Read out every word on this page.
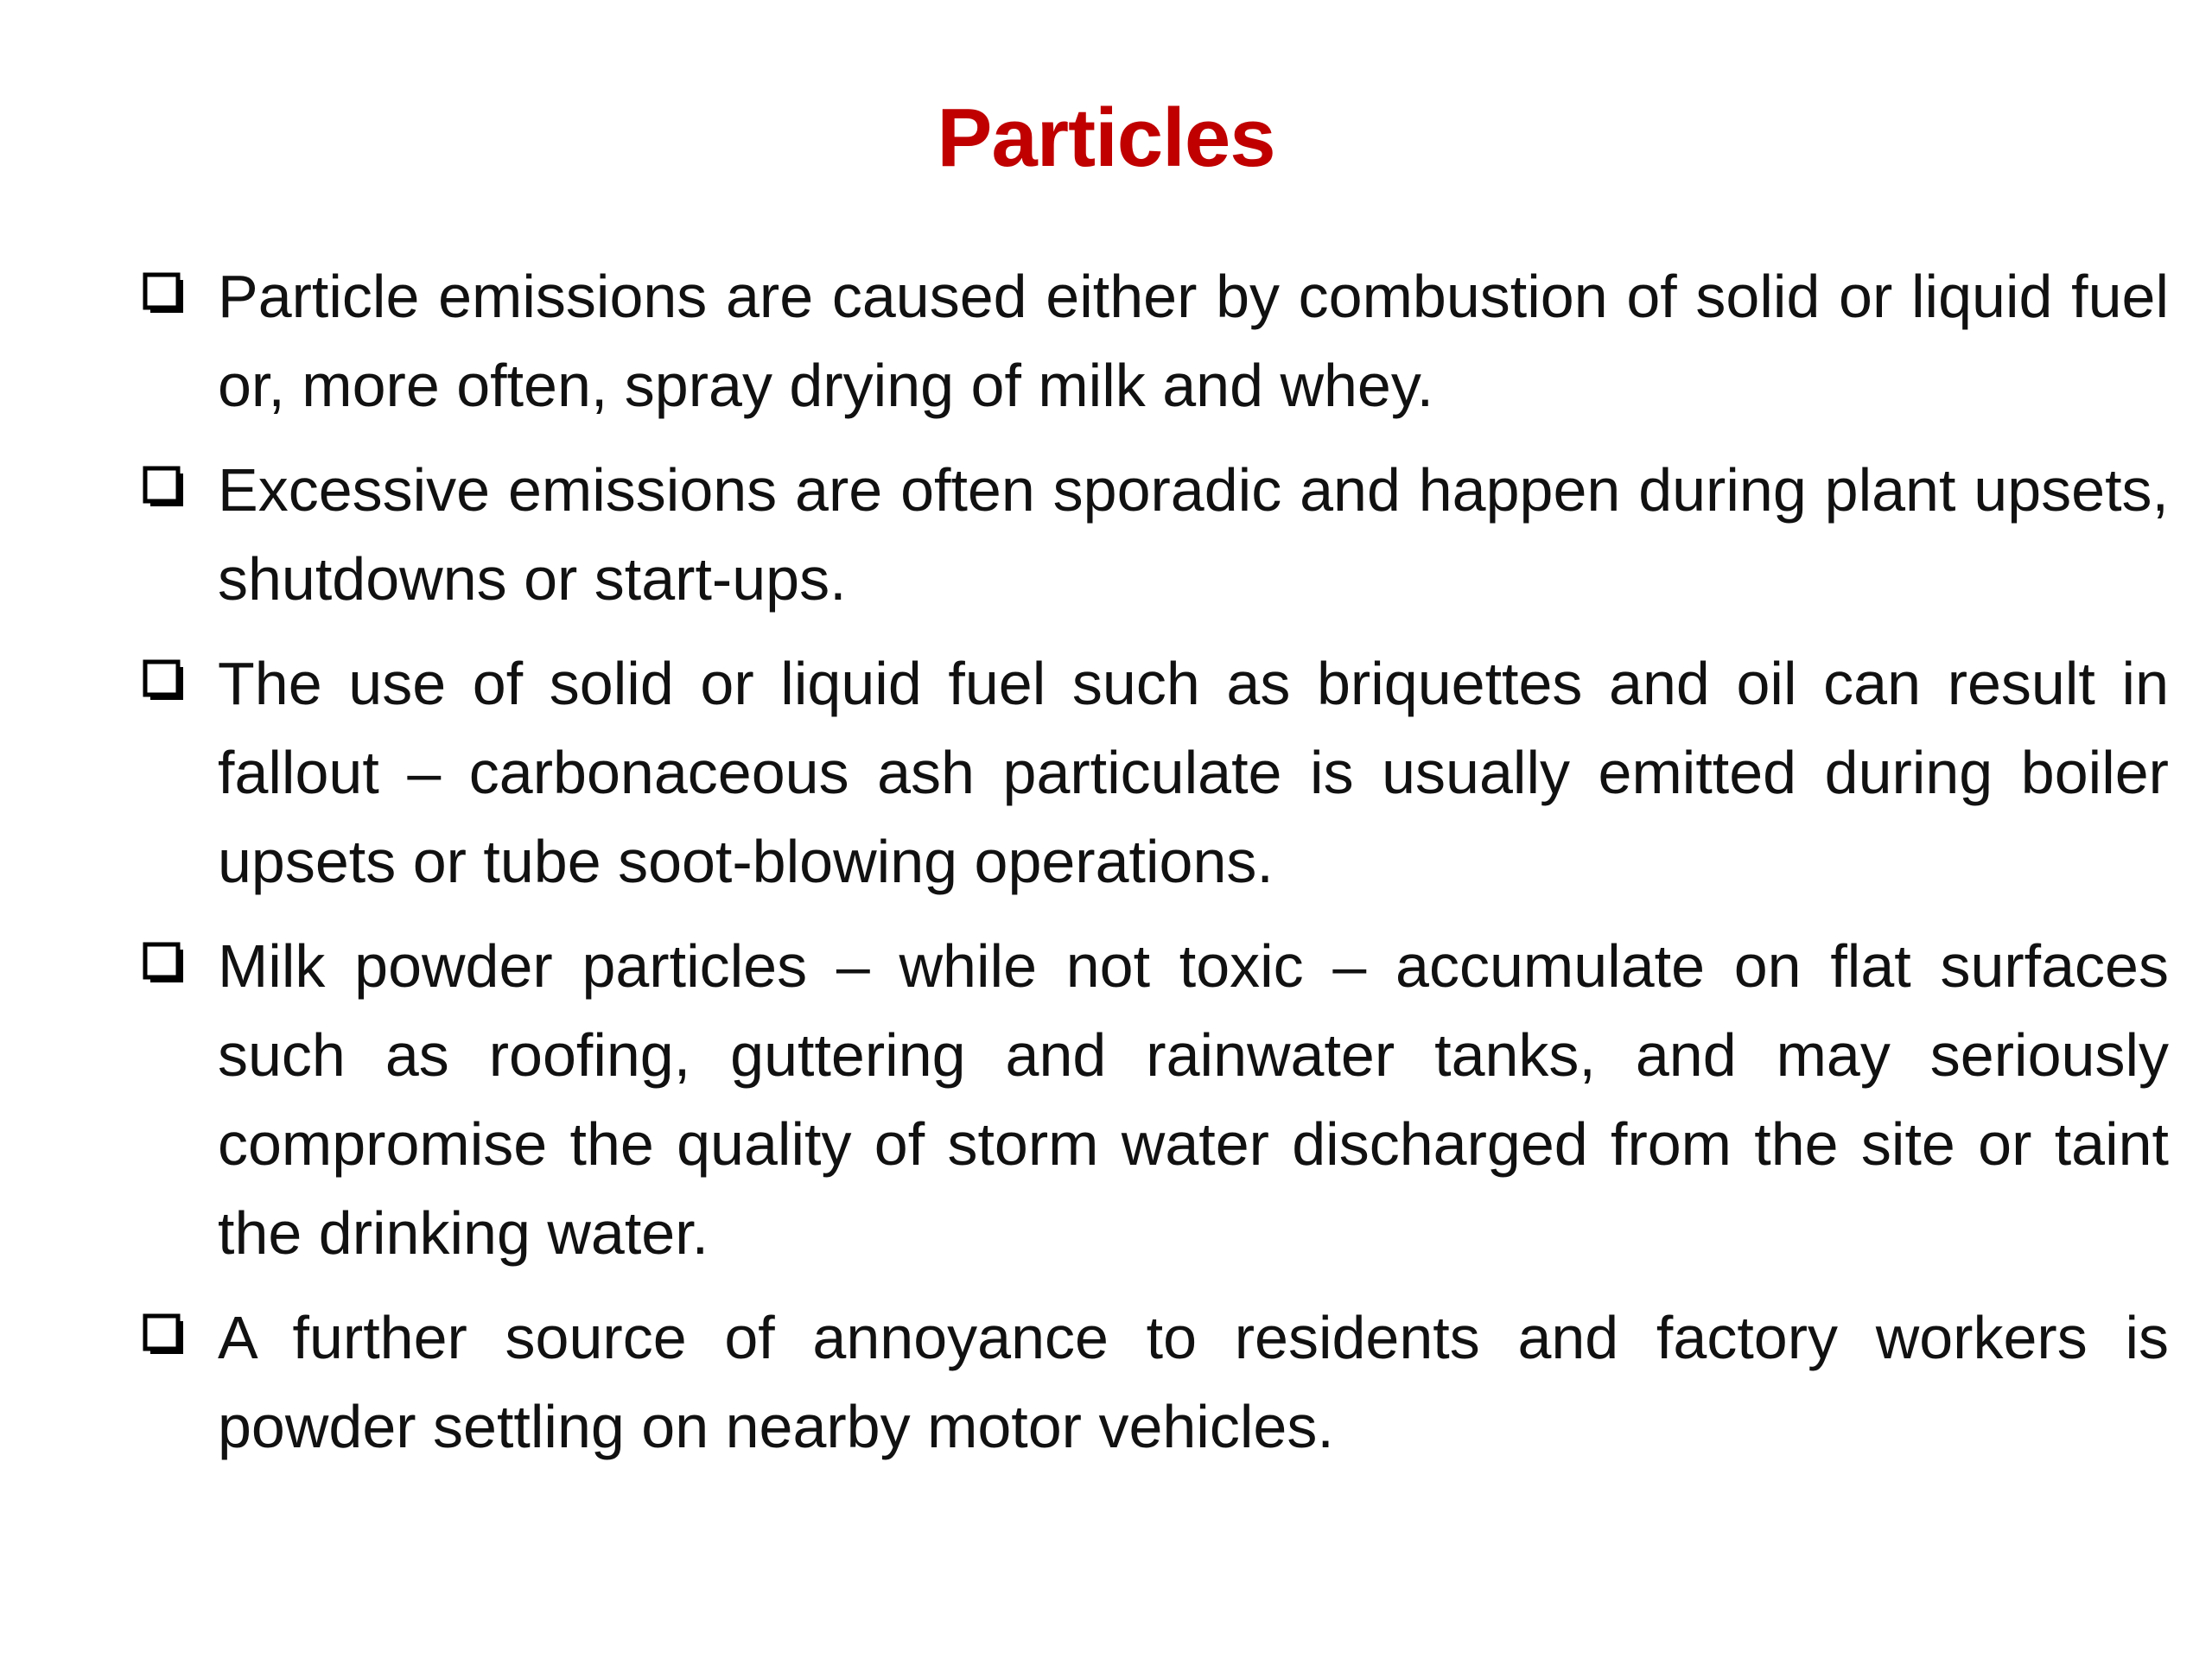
Particles
Particle emissions are caused either by combustion of solid or liquid fuel or, more often, spray drying of milk and whey.
Excessive emissions are often sporadic and happen during plant upsets, shutdowns or start-ups.
The use of solid or liquid fuel such as briquettes and oil can result in fallout – carbonaceous ash particulate is usually emitted during boiler upsets or tube soot-blowing operations.
Milk powder particles – while not toxic – accumulate on flat surfaces such as roofing, guttering and rainwater tanks, and may seriously compromise the quality of storm water discharged from the site or taint the drinking water.
A further source of annoyance to residents and factory workers is powder settling on nearby motor vehicles.
